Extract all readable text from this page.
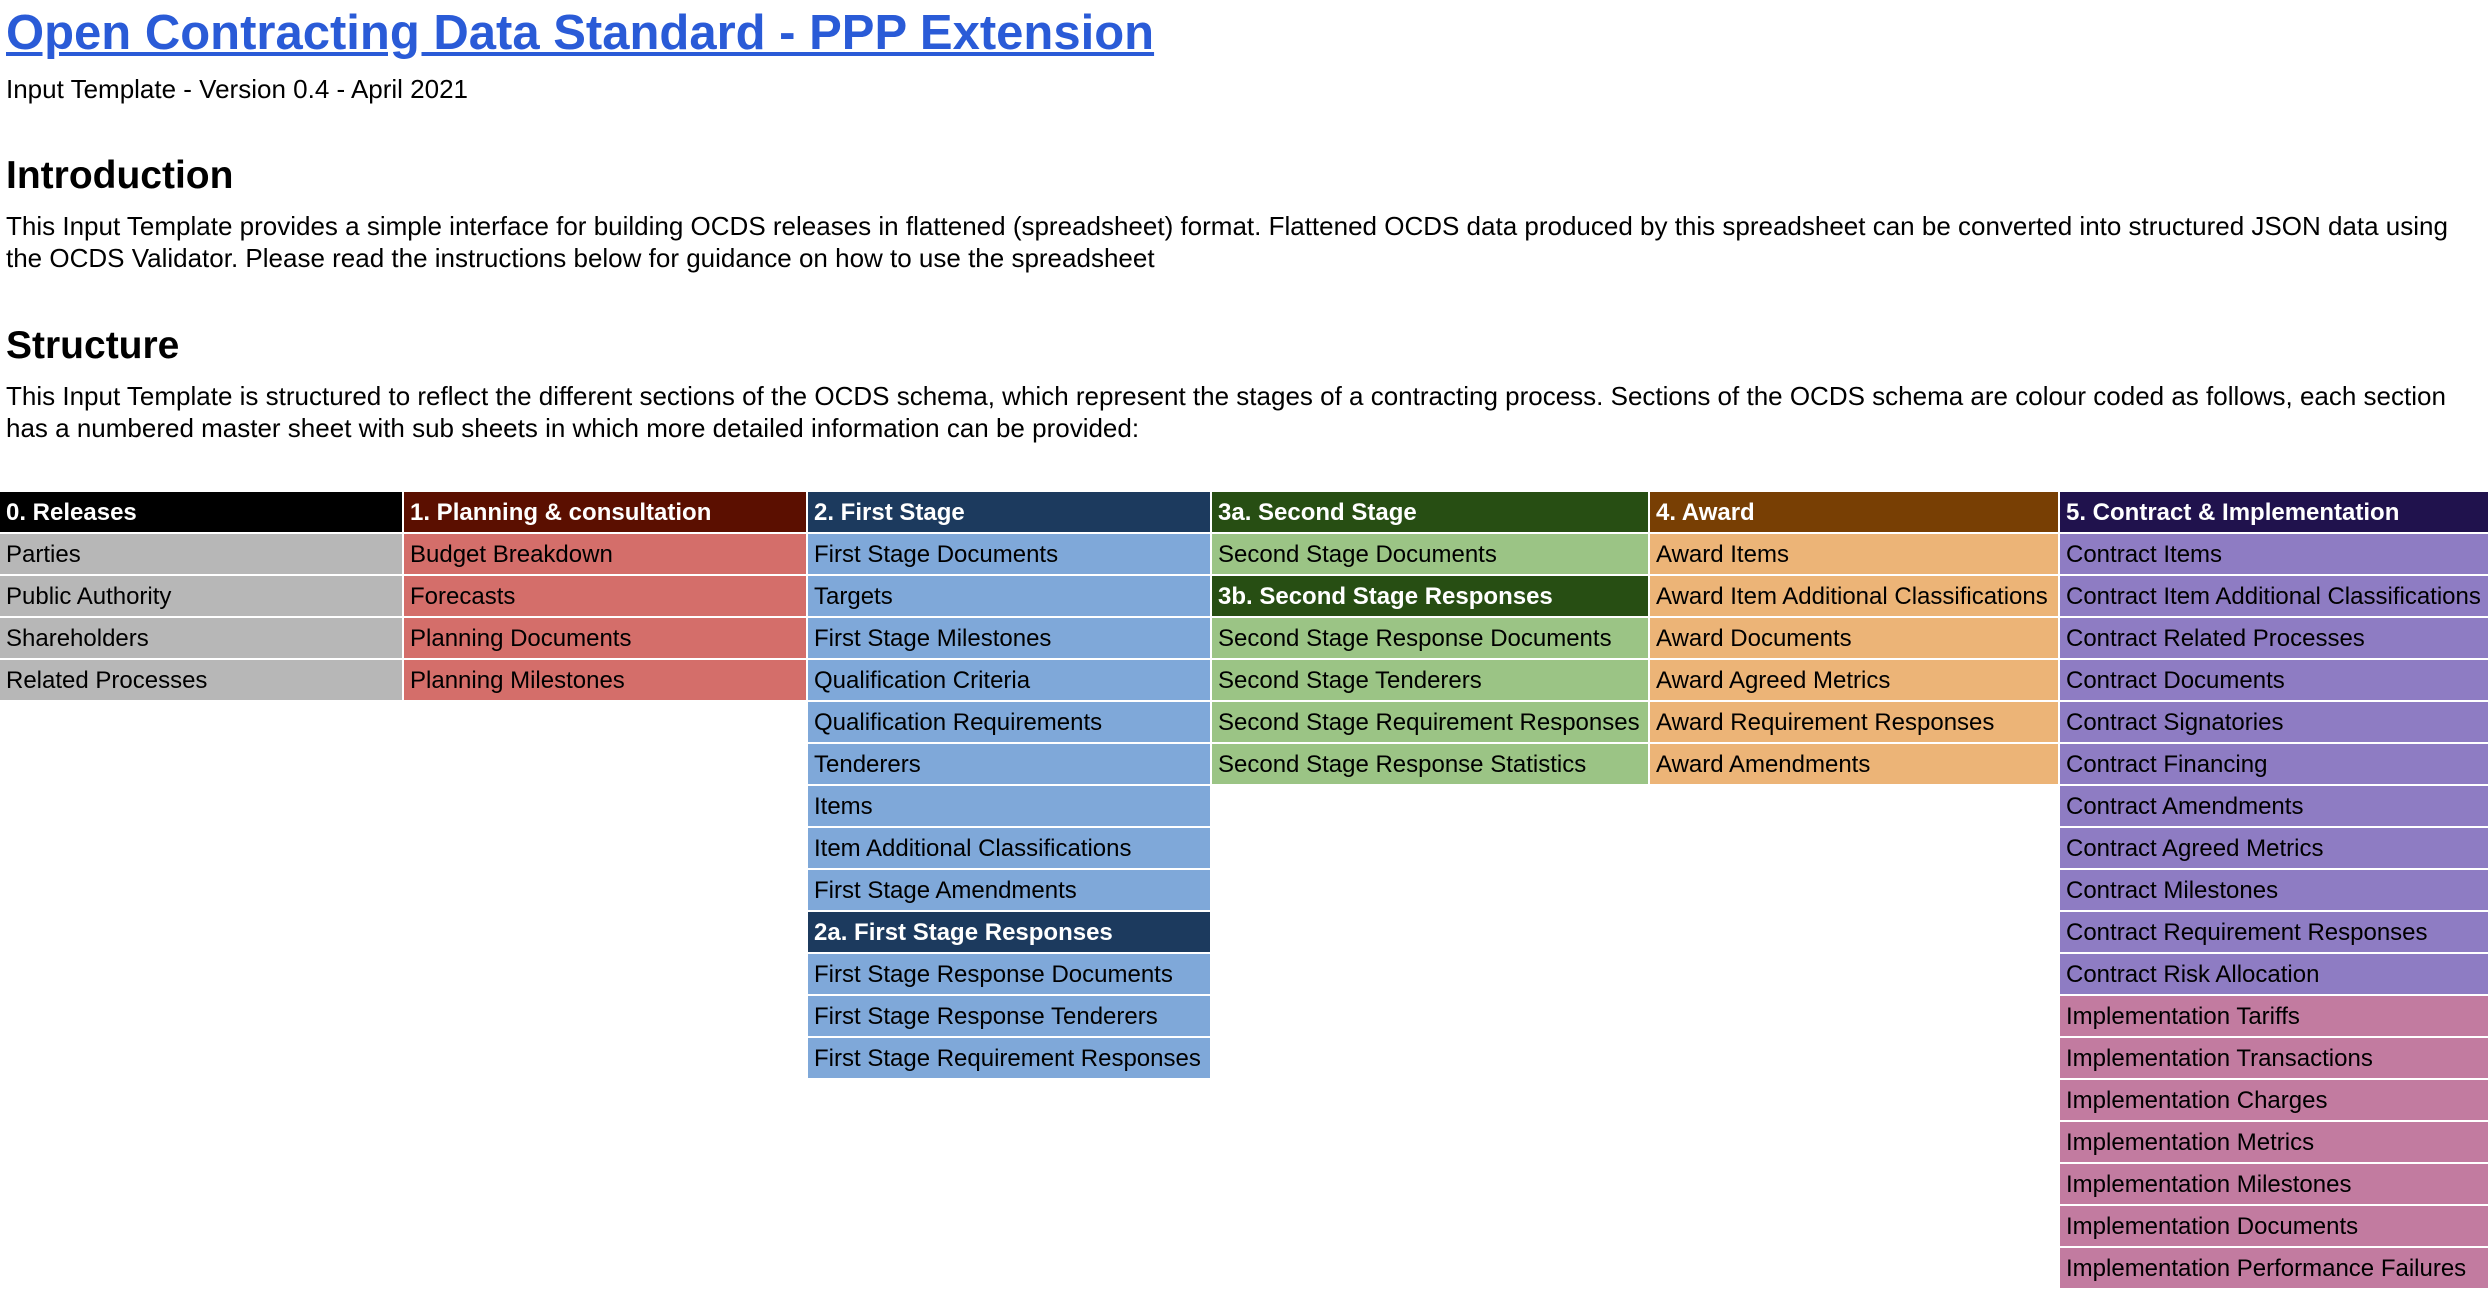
Open Contracting Data Standard - PPP Extension
Input Template - Version 0.4 - April 2021
Introduction
This Input Template provides a simple interface for building OCDS releases in flattened (spreadsheet) format. Flattened OCDS data produced by this spreadsheet can be converted into structured JSON data using the OCDS Validator. Please read the instructions below for guidance on how to use the spreadsheet
Structure
This Input Template is structured to reflect the different sections of the OCDS schema, which represent the stages of a contracting process. Sections of the OCDS schema are colour coded as follows, each section has a numbered master sheet with sub sheets in which more detailed information can be provided:
0. Releases
Parties
Public Authority
Shareholders
Related Processes
1. Planning & consultation
Budget Breakdown
Forecasts
Planning Documents
Planning Milestones
2. First Stage
First Stage Documents
Targets
First Stage Milestones
Qualification Criteria
Qualification Requirements
Tenderers
Items
Item Additional Classifications
First Stage Amendments
2a. First Stage Responses
First Stage Response Documents
First Stage Response Tenderers
First Stage Requirement Responses
3a. Second Stage
Second Stage Documents
3b. Second Stage Responses
Second Stage Response Documents
Second Stage Tenderers
Second Stage Requirement Responses
Second Stage Response Statistics
4. Award
Award Items
Award Item Additional Classifications
Award Documents
Award Agreed Metrics
Award Requirement Responses
Award Amendments
5. Contract & Implementation
Contract Items
Contract Item Additional Classifications
Contract Related Processes
Contract Documents
Contract Signatories
Contract Financing
Contract Amendments
Contract Agreed Metrics
Contract Milestones
Contract Requirement Responses
Contract Risk Allocation
Implementation Tariffs
Implementation Transactions
Implementation Charges
Implementation Metrics
Implementation Milestones
Implementation Documents
Implementation Performance Failures
